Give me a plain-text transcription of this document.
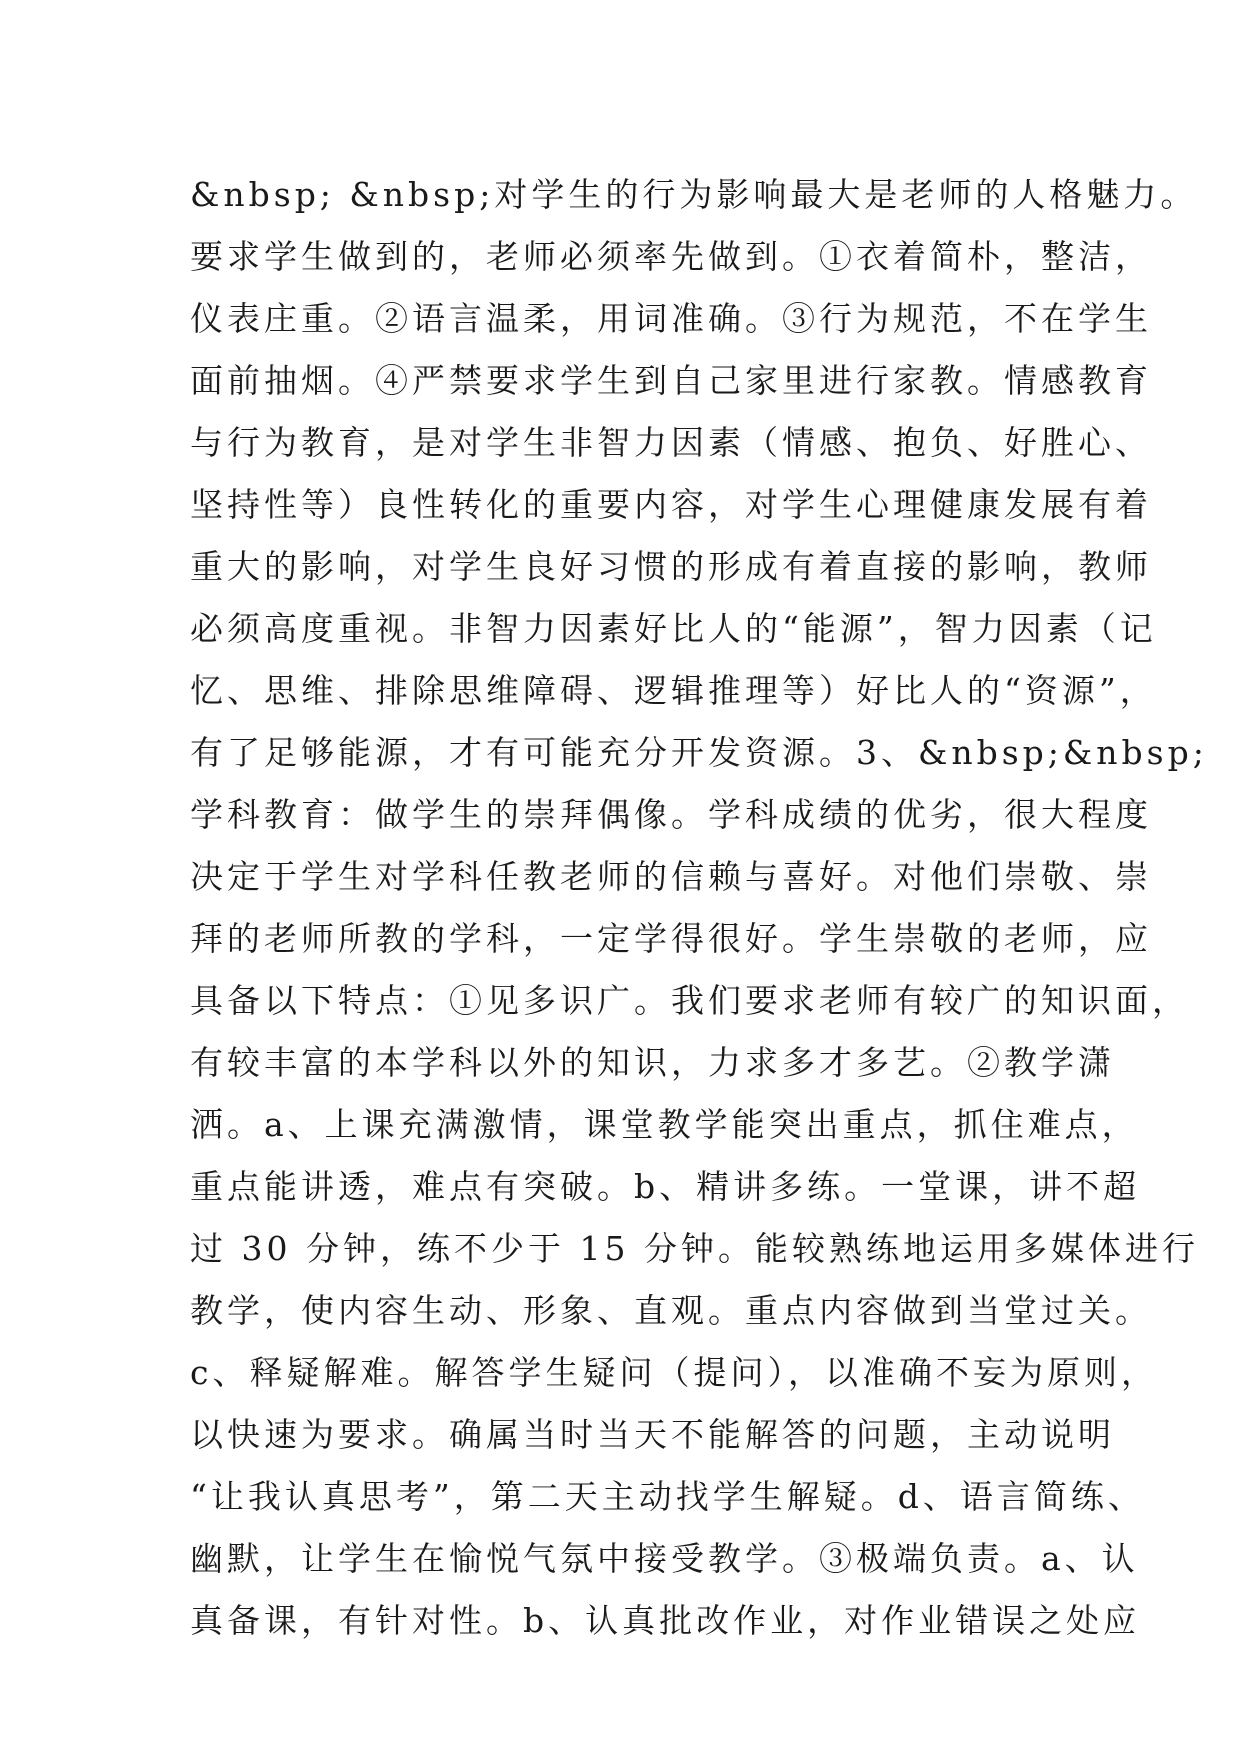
&nbsp; &nbsp;对学生的行为影响最大是老师的人格魅力。
要求学生做到的，老师必须率先做到。①衣着简朴，整洁，
仪表庄重。②语言温柔，用词准确。③行为规范，不在学生
面前抽烟。④严禁要求学生到自己家里进行家教。情感教育
与行为教育，是对学生非智力因素（情感、抱负、好胜心、
坚持性等）良性转化的重要内容，对学生心理健康发展有着
重大的影响，对学生良好习惯的形成有着直接的影响，教师
必须高度重视。非智力因素好比人的“能源”，智力因素（记
忆、思维、排除思维障碍、逻辑推理等）好比人的“资源”，
有了足够能源，才有可能充分开发资源。3、&nbsp;&nbsp;
学科教育：做学生的崇拜偶像。学科成绩的优劣，很大程度
决定于学生对学科任教老师的信赖与喜好。对他们崇敬、崇
拜的老师所教的学科，一定学得很好。学生崇敬的老师，应
具备以下特点：①见多识广。我们要求老师有较广的知识面，
有较丰富的本学科以外的知识，力求多才多艺。②教学潇
洒。a、上课充满激情，课堂教学能突出重点，抓住难点，
重点能讲透，难点有突破。b、精讲多练。一堂课，讲不超
过 30 分钟，练不少于 15 分钟。能较熟练地运用多媒体进行
教学，使内容生动、形象、直观。重点内容做到当堂过关。
c、释疑解难。解答学生疑问（提问），以准确不妄为原则，
以快速为要求。确属当时当天不能解答的问题，主动说明
“让我认真思考”，第二天主动找学生解疑。d、语言简练、
幽默，让学生在愉悦气氛中接受教学。③极端负责。a、认
真备课，有针对性。b、认真批改作业，对作业错误之处应
